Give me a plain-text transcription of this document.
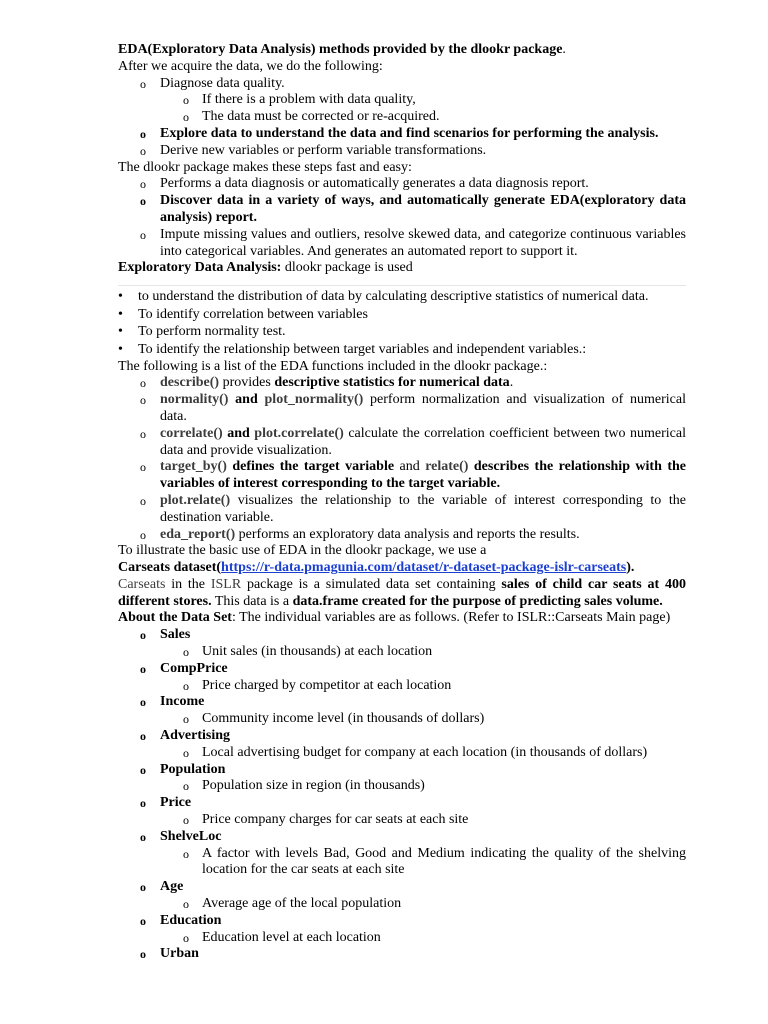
EDA(Exploratory Data Analysis) methods provided by the dlookr package.

After we acquire the data, we do the following:

o Diagnose data quality.
o If there is a problem with data quality,
o The data must be corrected or re-acquired.
o Explore data to understand the data and find scenarios for performing the analysis.
o Derive new variables or perform variable transformations.

The dlookr package makes these steps fast and easy:

o Performs a data diagnosis or automatically generates a data diagnosis report.
o Discover data in a variety of ways, and automatically generate EDA(exploratory data analysis) report.
o Impute missing values and outliers, resolve skewed data, and categorize continuous variables into categorical variables. And generates an automated report to support it.

Exploratory Data Analysis: dlookr package is used

• to understand the distribution of data by calculating descriptive statistics of numerical data.
• To identify correlation between variables
• To perform normality test.
• To identify the relationship between target variables and independent variables.:

The following is a list of the EDA functions included in the dlookr package.:

o describe() provides descriptive statistics for numerical data.
o normality() and plot_normality() perform normalization and visualization of numerical data.
o correlate() and plot.correlate() calculate the correlation coefficient between two numerical data and provide visualization.
o target_by() defines the target variable and relate() describes the relationship with the variables of interest corresponding to the target variable.
o plot.relate() visualizes the relationship to the variable of interest corresponding to the destination variable.
o eda_report() performs an exploratory data analysis and reports the results.

To illustrate the basic use of EDA in the dlookr package, we use a

Carseats dataset(https://r-data.pmagunia.com/dataset/r-dataset-package-islr-carseats).

Carseats in the ISLR package is a simulated data set containing sales of child car seats at 400 different stores. This data is a data.frame created for the purpose of predicting sales volume.

About the Data Set: The individual variables are as follows. (Refer to ISLR::Carseats Main page)

o Sales
o Unit sales (in thousands) at each location
o CompPrice
o Price charged by competitor at each location
o Income
o Community income level (in thousands of dollars)
o Advertising
o Local advertising budget for company at each location (in thousands of dollars)
o Population
o Population size in region (in thousands)
o Price
o Price company charges for car seats at each site
o ShelveLoc
o A factor with levels Bad, Good and Medium indicating the quality of the shelving location for the car seats at each site
o Age
o Average age of the local population
o Education
o Education level at each location
o Urban
